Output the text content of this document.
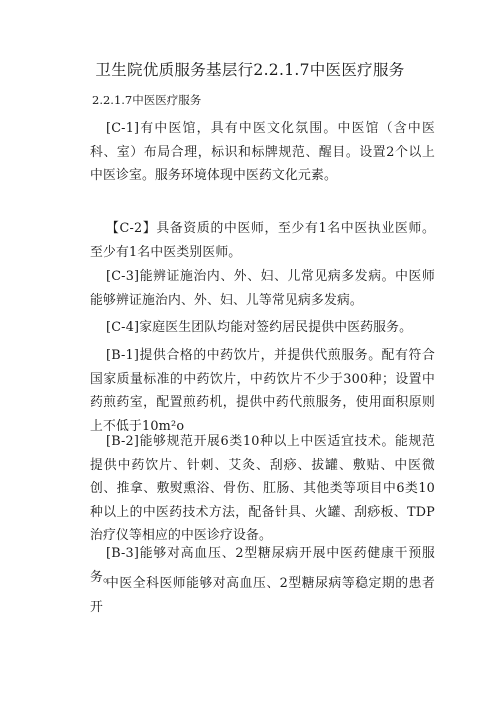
卫生院优质服务基层行2.2.1.7中医医疗服务
2.2.1.7中医医疗服务
[C-1]有中医馆，具有中医文化氛围。中医馆（含中医科、室）布局合理，标识和标牌规范、醒目。设置2个以上中医诊室。服务环境体现中医药文化元素。
【C-2】具备资质的中医师，至少有1名中医执业医师。至少有1名中医类别医师。
[C-3]能辨证施治内、外、妇、儿常见病多发病。中医师能够辨证施治内、外、妇、儿等常见病多发病。
[C-4]家庭医生团队均能对签约居民提供中医药服务。
[B-1]提供合格的中药饮片，并提供代煎服务。配有符合国家质量标准的中药饮片，中药饮片不少于300种；设置中药煎药室，配置煎药机，提供中药代煎服务，使用面积原则上不低于10m²o
[B-2]能够规范开展6类10种以上中医适宜技术。能规范提供中药饮片、针刺、艾灸、刮痧、拔罐、敷贴、中医微创、推拿、敷熨熏浴、骨伤、肛肠、其他类等项目中6类10种以上的中医药技术方法，配备针具、火罐、刮痧板、TDP治疗仪等相应的中医诊疗设备。
[B-3]能够对高血压、2型糖尿病开展中医药健康干预服务。
中医全科医师能够对高血压、2型糖尿病等稳定期的患者开
